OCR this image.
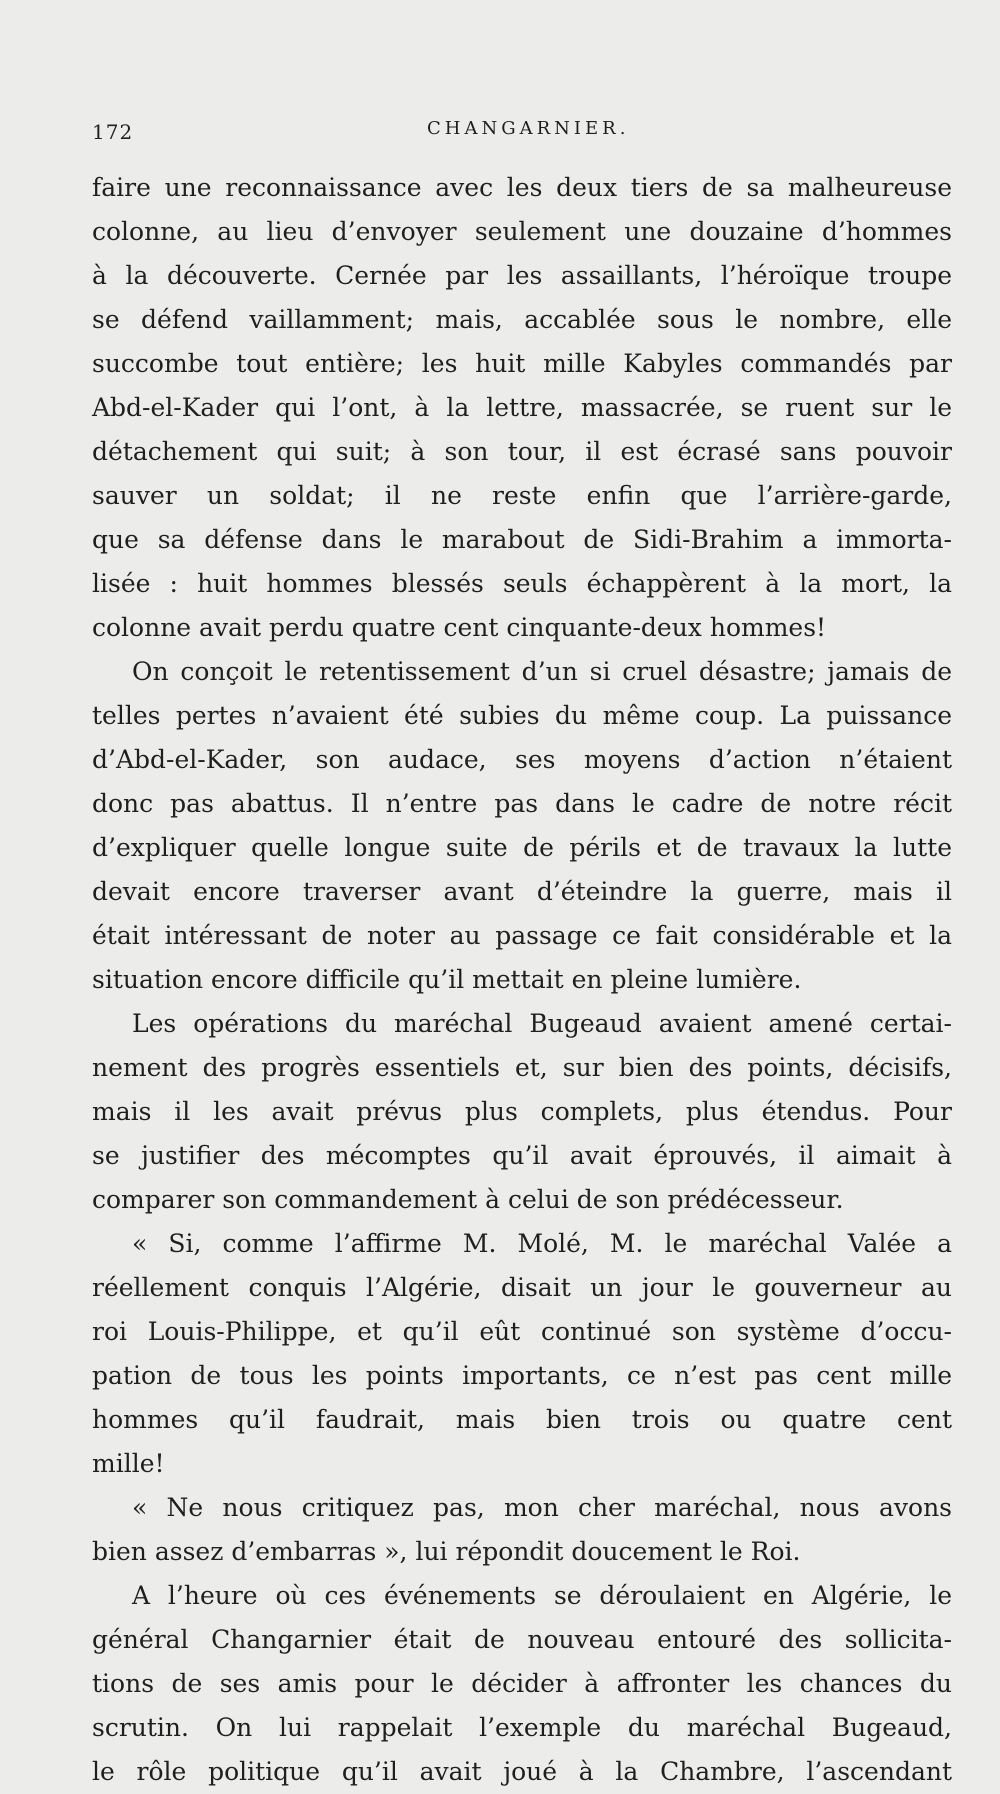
172	CHANGARNIER.

faire une reconnaissance avec les deux tiers de sa malheureuse
colonne, au lieu d’envoyer seulement une douzaine d’hommes
à la découverte. Cernée par les assaillants, l’héroïque troupe
se défend vaillamment; mais, accablée sous le nombre, elle
succombe tout entière; les huit mille Kabyles commandés par
Abd-el-Kader qui l’ont, à la lettre, massacrée, se ruent sur le
détachement qui suit; à son tour, il est écrasé sans pouvoir
sauver un soldat; il ne reste enfin que l’arrière-garde,
que sa défense dans le marabout de Sidi-Brahim a immorta-
lisée : huit hommes blessés seuls échappèrent à la mort, la
colonne avait perdu quatre cent cinquante-deux hommes!

On conçoit le retentissement d’un si cruel désastre; jamais de
telles pertes n’avaient été subies du même coup. La puissance
d’Abd-el-Kader, son audace, ses moyens d’action n’étaient
donc pas abattus. Il n’entre pas dans le cadre de notre récit
d’expliquer quelle longue suite de périls et de travaux la lutte
devait encore traverser avant d’éteindre la guerre, mais il
était intéressant de noter au passage ce fait considérable et la
situation encore difficile qu’il mettait en pleine lumière.

Les opérations du maréchal Bugeaud avaient amené certai-
nement des progrès essentiels et, sur bien des points, décisifs,
mais il les avait prévus plus complets, plus étendus. Pour
se justifier des mécomptes qu’il avait éprouvés, il aimait à
comparer son commandement à celui de son prédécesseur.

« Si, comme l’affirme M. Molé, M. le maréchal Valée a
réellement conquis l’Algérie, disait un jour le gouverneur au
roi Louis-Philippe, et qu’il eût continué son système d’occu-
pation de tous les points importants, ce n’est pas cent mille
hommes qu’il faudrait, mais bien trois ou quatre cent
mille!

« Ne nous critiquez pas, mon cher maréchal, nous avons
bien assez d’embarras », lui répondit doucement le Roi.

A l’heure où ces événements se déroulaient en Algérie, le
général Changarnier était de nouveau entouré des sollicita-
tions de ses amis pour le décider à affronter les chances du
scrutin. On lui rappelait l’exemple du maréchal Bugeaud,
le rôle politique qu’il avait joué à la Chambre, l’ascendant
